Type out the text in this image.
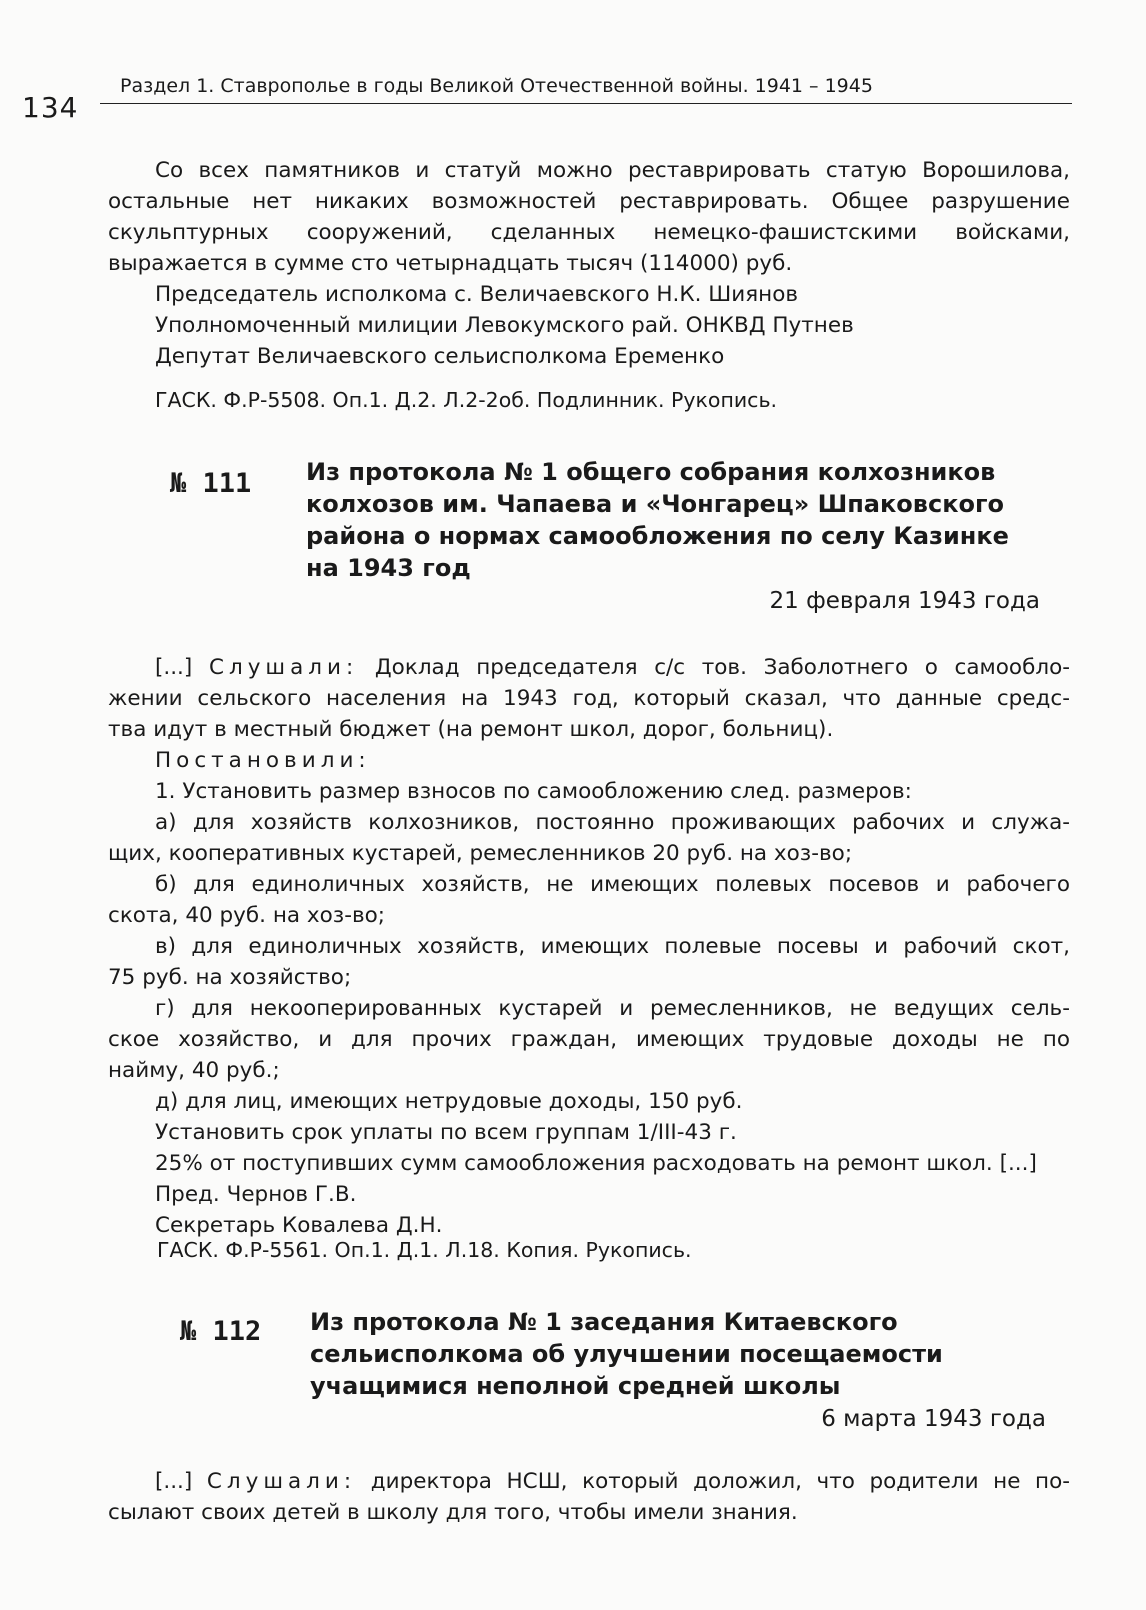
134
Раздел 1. Ставрополье в годы Великой Отечественной войны. 1941 – 1945
Со всех памятников и статуй можно реставрировать статую Ворошилова,
остальные нет никаких возможностей реставрировать. Общее разрушение
скульптурных сооружений, сделанных немецко-фашистскими войсками,
выражается в сумме сто четырнадцать тысяч (114000) руб.
Председатель исполкома с. Величаевского Н.К. Шиянов
Уполномоченный милиции Левокумского рай. ОНКВД Путнев
Депутат Величаевского сельисполкома Еременко
ГАСК. Ф.Р-5508. Оп.1. Д.2. Л.2-2об. Подлинник. Рукопись.
№ 111 Из протокола № 1 общего собрания колхозников колхозов им. Чапаева и «Чонгарец» Шпаковского района о нормах самообложения по селу Казинке на 1943 год
21 февраля 1943 года
[...] Слушали: Доклад председателя с/с тов. Заболотнего о самообло-
жении сельского населения на 1943 год, который сказал, что данные средс-
тва идут в местный бюджет (на ремонт школ, дорог, больниц).
Постановили:
1. Установить размер взносов по самообложению след. размеров:
а) для хозяйств колхозников, постоянно проживающих рабочих и служа-
щих, кооперативных кустарей, ремесленников 20 руб. на хоз-во;
б) для единоличных хозяйств, не имеющих полевых посевов и рабочего
скота, 40 руб. на хоз-во;
в) для единоличных хозяйств, имеющих полевые посевы и рабочий скот,
75 руб. на хозяйство;
г) для некооперированных кустарей и ремесленников, не ведущих сель-
ское хозяйство, и для прочих граждан, имеющих трудовые доходы не по
найму, 40 руб.;
д) для лиц, имеющих нетрудовые доходы, 150 руб.
Установить срок уплаты по всем группам 1/III-43 г.
25% от поступивших сумм самообложения расходовать на ремонт школ. [...]
Пред. Чернов Г.В.
Секретарь Ковалева Д.Н.
ГАСК. Ф.Р-5561. Оп.1. Д.1. Л.18. Копия. Рукопись.
№ 112 Из протокола № 1 заседания Китаевского сельисполкома об улучшении посещаемости учащимися неполной средней школы
6 марта 1943 года
[...] Слушали: директора НСШ, который доложил, что родители не по-
сылают своих детей в школу для того, чтобы имели знания.
